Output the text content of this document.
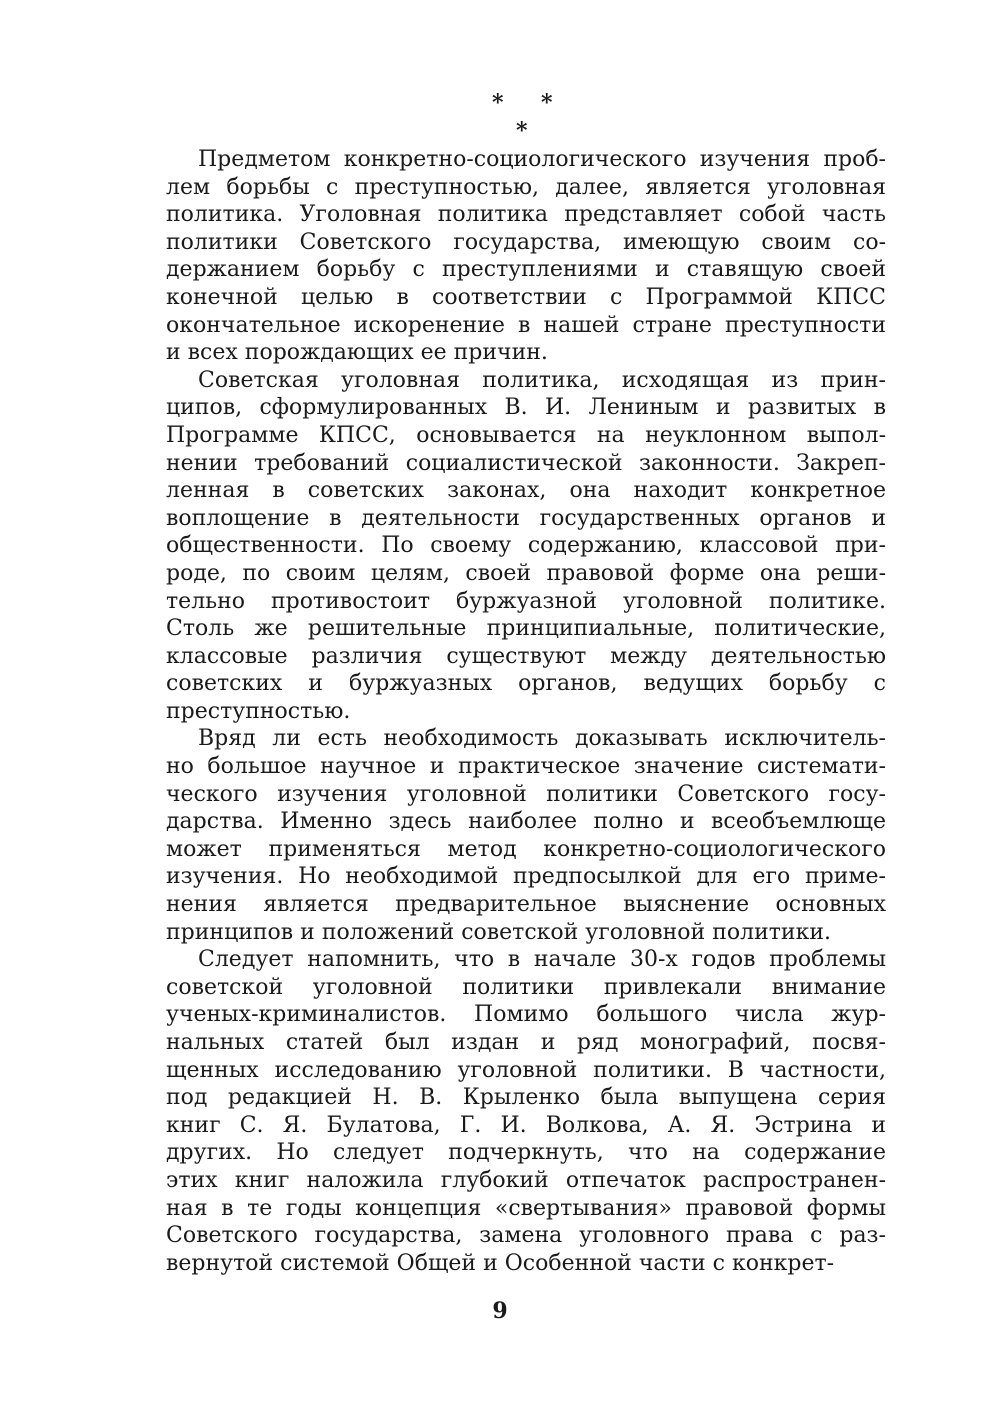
* *
*
Предметом конкретно-социологического изучения проб-
лем борьбы с преступностью, далее, является уголовная
политика. Уголовная политика представляет собой часть
политики Советского государства, имеющую своим со-
держанием борьбу с преступлениями и ставящую своей
конечной целью в соответствии с Программой КПСС
окончательное искоренение в нашей стране преступности
и всех порождающих ее причин.
Советская уголовная политика, исходящая из прин-
ципов, сформулированных В. И. Лениным и развитых в
Программе КПСС, основывается на неуклонном выпол-
нении требований социалистической законности. Закреп-
ленная в советских законах, она находит конкретное
воплощение в деятельности государственных органов и
общественности. По своему содержанию, классовой при-
роде, по своим целям, своей правовой форме она реши-
тельно противостоит буржуазной уголовной политике.
Столь же решительные принципиальные, политические,
классовые различия существуют между деятельностью
советских и буржуазных органов, ведущих борьбу с
преступностью.
Вряд ли есть необходимость доказывать исключитель-
но большое научное и практическое значение системати-
ческого изучения уголовной политики Советского госу-
дарства. Именно здесь наиболее полно и всеобъемлюще
может применяться метод конкретно-социологического
изучения. Но необходимой предпосылкой для его приме-
нения является предварительное выяснение основных
принципов и положений советской уголовной политики.
Следует напомнить, что в начале 30-х годов проблемы
советской уголовной политики привлекали внимание
ученых-криминалистов. Помимо большого числа жур-
нальных статей был издан и ряд монографий, посвя-
щенных исследованию уголовной политики. В частности,
под редакцией Н. В. Крыленко была выпущена серия
книг С. Я. Булатова, Г. И. Волкова, А. Я. Эстрина и
других. Но следует подчеркнуть, что на содержание
этих книг наложила глубокий отпечаток распространен-
ная в те годы концепция «свертывания» правовой формы
Советского государства, замена уголовного права с раз-
вернутой системой Общей и Особенной части с конкрет-
9
